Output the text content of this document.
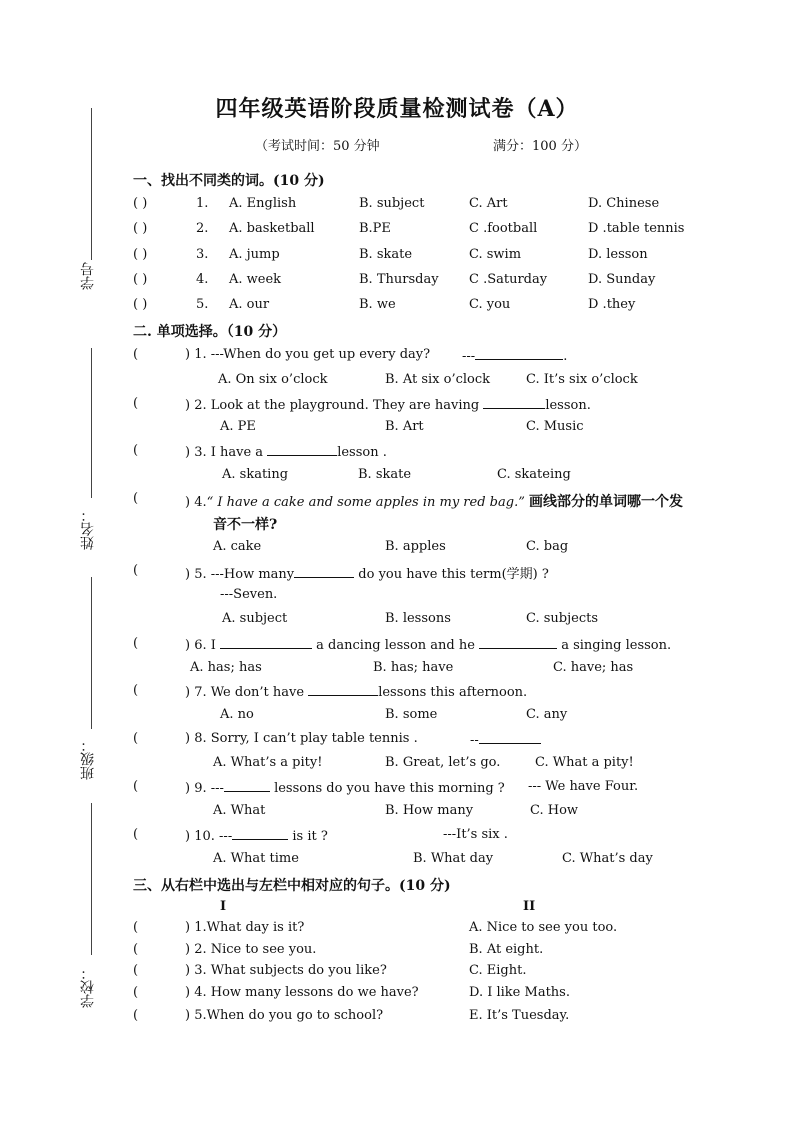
学号
姓名：
班级：
学校：
四年级英语阶段质量检测试卷（A）
（考试时间：50 分钟	满分：100 分）
一、找出不同类的词。(10 分)
( )	1. A. English	B. subject	C. Art	D. Chinese
( )	2. A. basketball	B.PE	C .football	D .table tennis
( )	3. A. jump	B. skate	C. swim	D. lesson
( )	4. A. week	B. Thursday C .Saturday	D. Sunday
( )	5. A. our	B. we	C. you	D .they
二. 单项选择。（10 分）
( ) 1. ---When do you get up every day? ---	.
A. On six o’clock	B. At six o’clock	C. It’s six o’clock
( ) 2. Look at the playground. They are having	lesson.
A. PE	B. Art	C. Music
( ) 3. I have a	lesson .
A. skating	B. skate	C. skateing
( ) 4.“ I have a cake and some apples in my red bag.” 画线部分的单词哪一个发
音不一样?
A. cake	B. apples	C. bag
( ) 5. ---How many	do you have this term(学期) ?
---Seven.
A. subject	B. lessons	C. subjects
( ) 6. I	a dancing lesson and he	a singing lesson.
A. has; has	B. has; have	C. have; has
( ) 7. We don’t have	lessons this afternoon.
A. no	B. some	C. any
( ) 8. Sorry, I can’t play table tennis .	--
A. What’s a pity!	B. Great, let’s go.	C. What a pity!
( ) 9. ---	lessons do you have this morning ? --- We have Four.
A. What	B. How many	C. How
( ) 10. ---	is it ?	---It’s six .
A. What time	B. What day	C. What’s day
三、从右栏中选出与左栏中相对应的句子。(10 分)
I	II
( ) 1.What day is it?	A. Nice to see you too.
( ) 2. Nice to see you.	B. At eight.
( ) 3. What subjects do you like?	C. Eight.
( ) 4. How many lessons do we have?	D. I like Maths.
( ) 5.When do you go to school?	E. It’s Tuesday.
